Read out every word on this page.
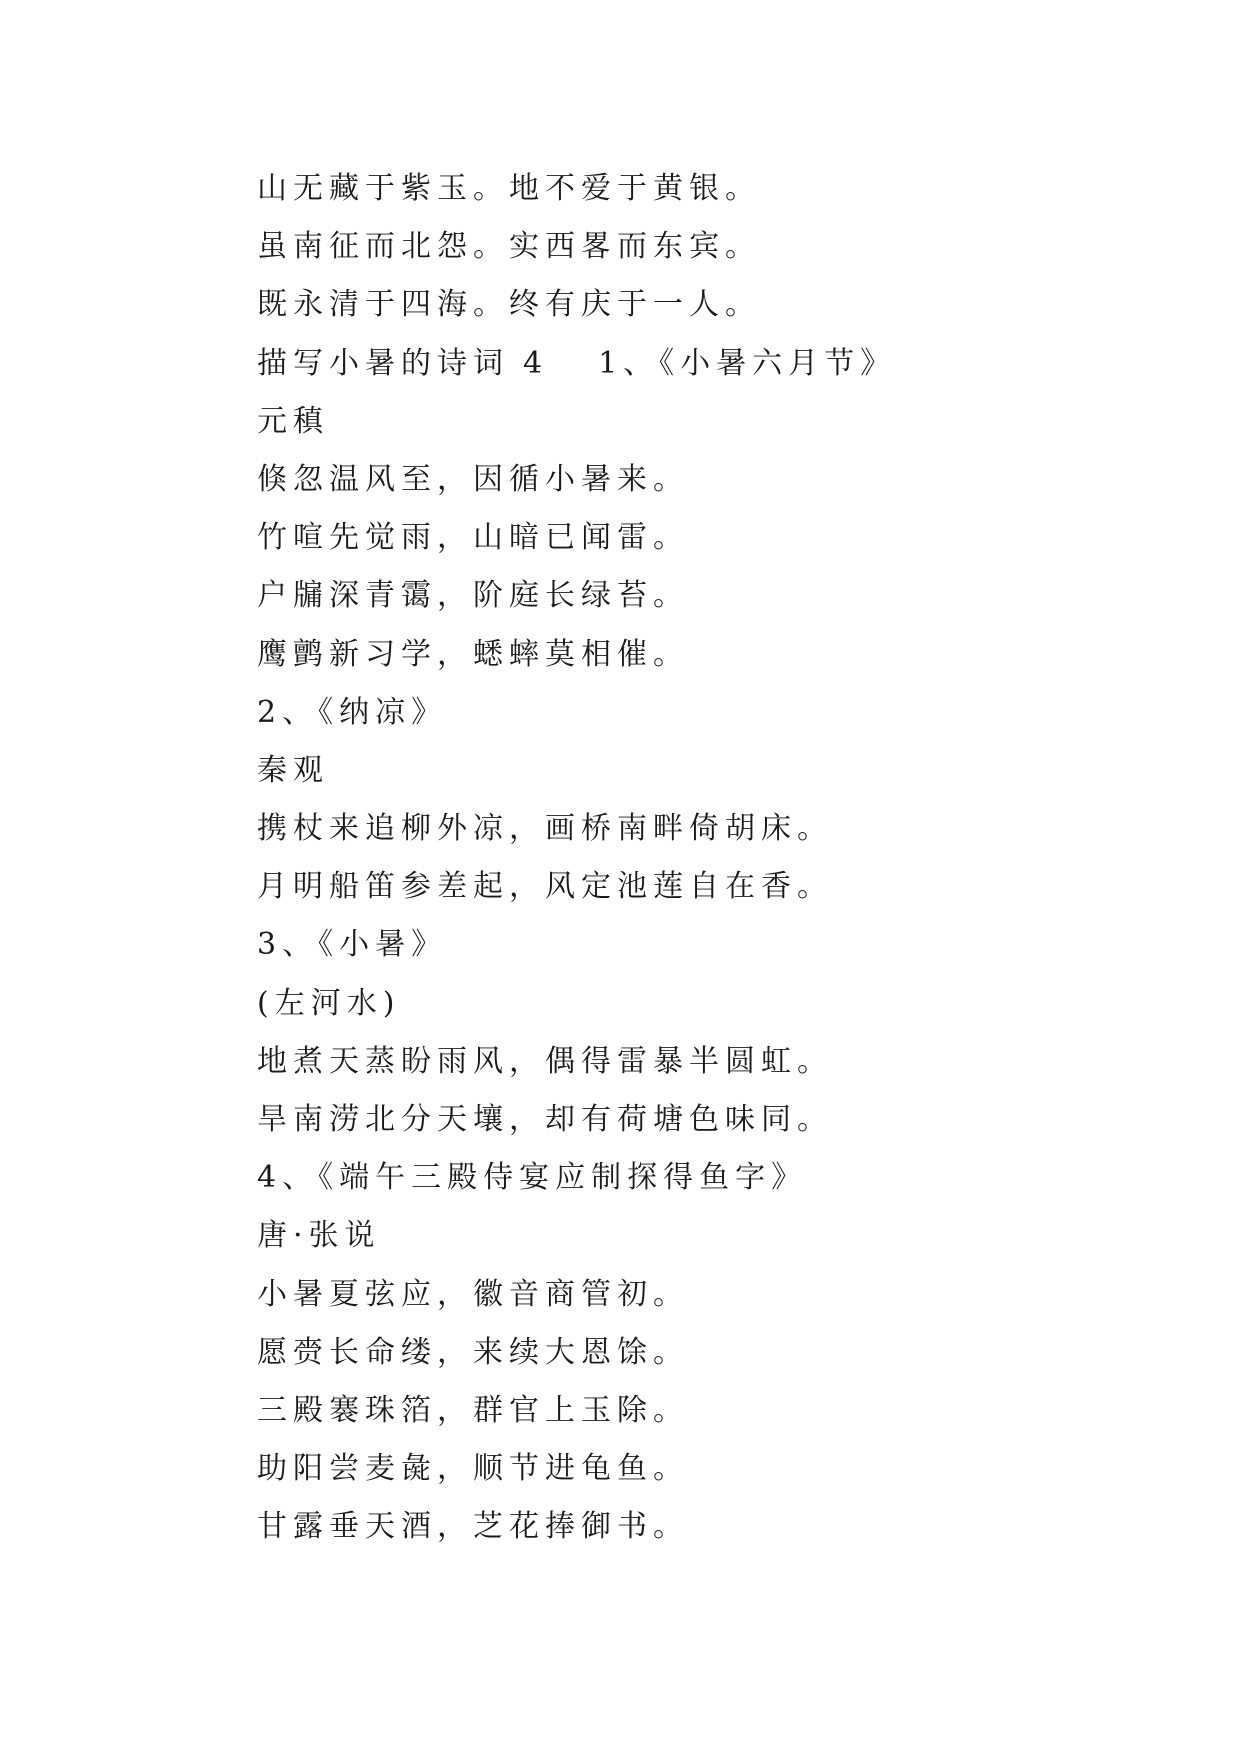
山无藏于紫玉。地不爱于黄银。
虽南征而北怨。实西畧而东宾。
既永清于四海。终有庆于一人。
描写小暑的诗词 4 1、《小暑六月节》
元稹
倏忽温风至，因循小暑来。
竹喧先觉雨，山暗已闻雷。
户牖深青霭，阶庭长绿苔。
鹰鹯新习学，蟋蟀莫相催。
2、《纳凉》
秦观
携杖来追柳外凉，画桥南畔倚胡床。
月明船笛参差起，风定池莲自在香。
3、《小暑》
(左河水)
地煮天蒸盼雨风，偶得雷暴半圆虹。
旱南涝北分天壤，却有荷塘色味同。
4、《端午三殿侍宴应制探得鱼字》
唐·张说
小暑夏弦应，徽音商管初。
愿赍长命缕，来续大恩馀。
三殿褰珠箔，群官上玉除。
助阳尝麦彘，顺节进龟鱼。
甘露垂天酒，芝花捧御书。
